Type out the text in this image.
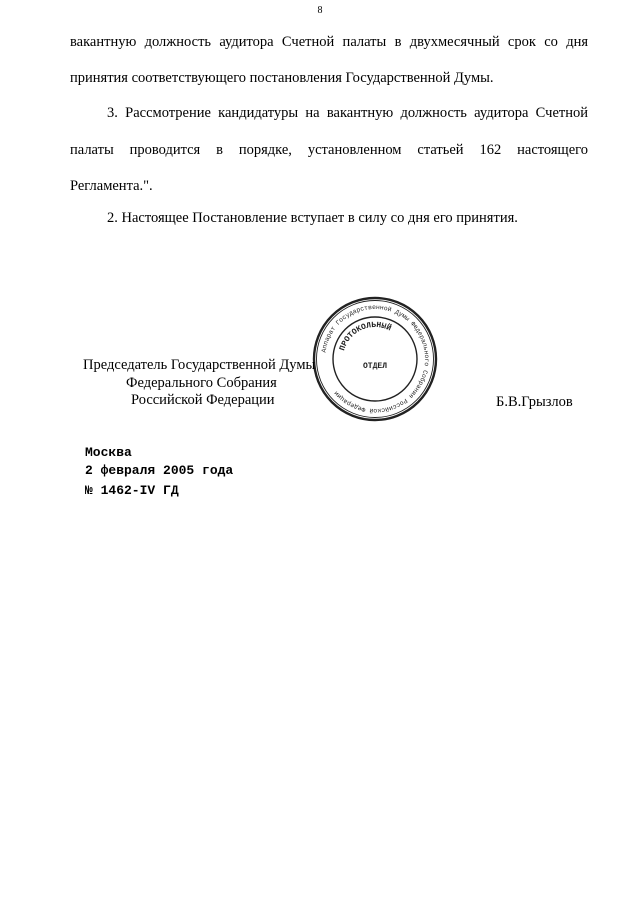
8
вакантную должность аудитора Счетной палаты в двухмесячный срок со дня
принятия соответствующего постановления Государственной Думы.
3. Рассмотрение кандидатуры на вакантную должность аудитора Счетной
палаты проводится в порядке, установленном статьей 162 настоящего
Регламента.".
2. Настоящее Постановление вступает в силу со дня его принятия.
Аппарат Государственной Думы Федерального Собрания Российской Федерации
ПРОТОКОЛЬНЫЙ
ОТДЕЛ
Председатель Государственной Думы
Федерального Собрания
Российской Федерации	Б.В.Грызлов
Москва
2 февраля 2005 года
№ 1462-IV ГД
